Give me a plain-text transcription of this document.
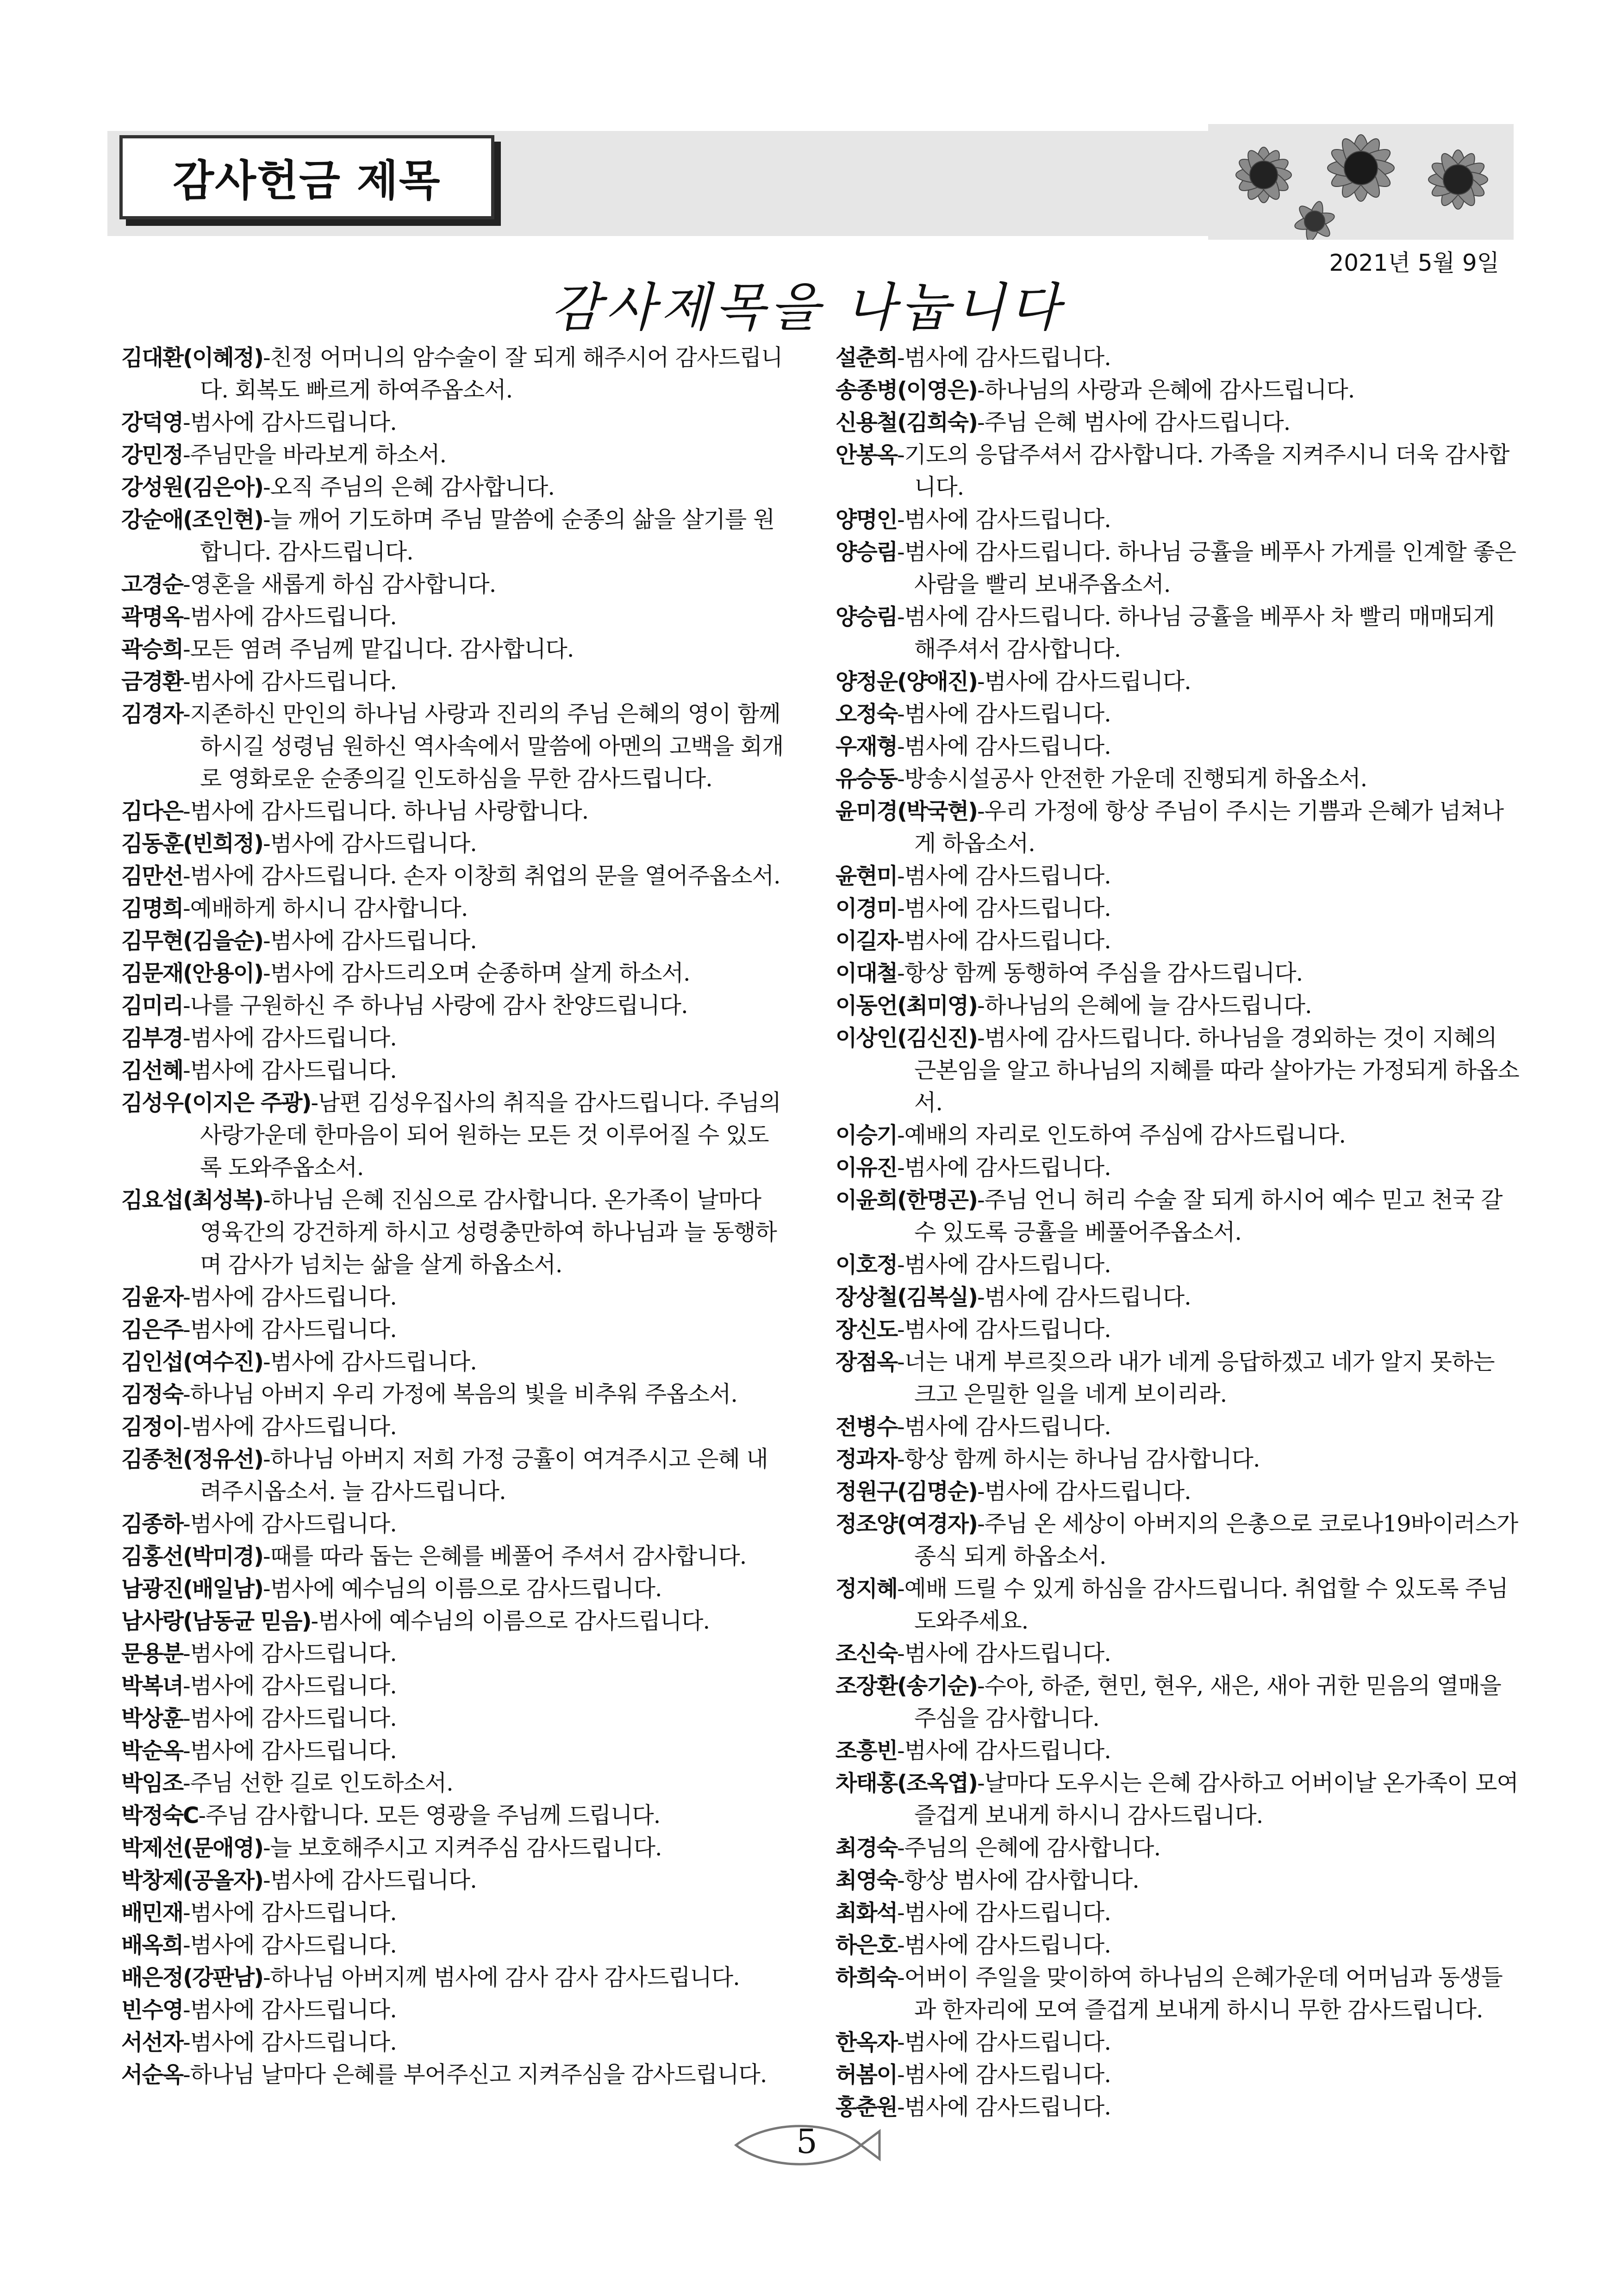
감사헌금 제목
2021년 5월 9일
감사제목을 나눕니다
김대환(이혜정)-친정 어머니의 암수술이 잘 되게 해주시어 감사드립니다. 회복도 빠르게 하여주옵소서.
강덕영-범사에 감사드립니다.
강민정-주님만을 바라보게 하소서.
강성원(김은아)-오직 주님의 은혜 감사합니다.
강순애(조인현)-늘 깨어 기도하며 주님 말씀에 순종의 삶을 살기를 원합니다. 감사드립니다.
고경순-영혼을 새롭게 하심 감사합니다.
곽명옥-범사에 감사드립니다.
곽승희-모든 염려 주님께 맡깁니다. 감사합니다.
금경환-범사에 감사드립니다.
김경자-지존하신 만인의 하나님 사랑과 진리의 주님 은혜의 영이 함께 하시길 성령님 원하신 역사속에서 말씀에 아멘의 고백을 회개로 영화로운 순종의길 인도하심을 무한 감사드립니다.
김다은-범사에 감사드립니다. 하나님 사랑합니다.
김동훈(빈희정)-범사에 감사드립니다.
김만선-범사에 감사드립니다. 손자 이창희 취업의 문을 열어주옵소서.
김명희-예배하게 하시니 감사합니다.
김무현(김을순)-범사에 감사드립니다.
김문재(안용이)-범사에 감사드리오며 순종하며 살게 하소서.
김미리-나를 구원하신 주 하나님 사랑에 감사 찬양드립니다.
김부경-범사에 감사드립니다.
김선혜-범사에 감사드립니다.
김성우(이지은 주광)-남편 김성우집사의 취직을 감사드립니다. 주님의 사랑가운데 한마음이 되어 원하는 모든 것 이루어질 수 있도록 도와주옵소서.
김요섭(최성복)-하나님 은혜 진심으로 감사합니다. 온가족이 날마다 영육간의 강건하게 하시고 성령충만하여 하나님과 늘 동행하며 감사가 넘치는 삶을 살게 하옵소서.
김윤자-범사에 감사드립니다.
김은주-범사에 감사드립니다.
김인섭(여수진)-범사에 감사드립니다.
김정숙-하나님 아버지 우리 가정에 복음의 빛을 비추워 주옵소서.
김정이-범사에 감사드립니다.
김종천(정유선)-하나님 아버지 저희 가정 긍휼이 여겨주시고 은혜 내려주시옵소서. 늘 감사드립니다.
김종하-범사에 감사드립니다.
김홍선(박미경)-때를 따라 돕는 은혜를 베풀어 주셔서 감사합니다.
남광진(배일남)-범사에 예수님의 이름으로 감사드립니다.
남사랑(남동균 믿음)-범사에 예수님의 이름으로 감사드립니다.
문용분-범사에 감사드립니다.
박복녀-범사에 감사드립니다.
박상훈-범사에 감사드립니다.
박순옥-범사에 감사드립니다.
박임조-주님 선한 길로 인도하소서.
박정숙C-주님 감사합니다. 모든 영광을 주님께 드립니다.
박제선(문애영)-늘 보호해주시고 지켜주심 감사드립니다.
박창제(공올자)-범사에 감사드립니다.
배민재-범사에 감사드립니다.
배옥희-범사에 감사드립니다.
배은정(강판남)-하나님 아버지께 범사에 감사 감사 감사드립니다.
빈수영-범사에 감사드립니다.
서선자-범사에 감사드립니다.
서순옥-하나님 날마다 은혜를 부어주신고 지켜주심을 감사드립니다.
설춘희-범사에 감사드립니다.
송종병(이영은)-하나님의 사랑과 은혜에 감사드립니다.
신용철(김희숙)-주님 은혜 범사에 감사드립니다.
안봉옥-기도의 응답주셔서 감사합니다. 가족을 지켜주시니 더욱 감사합니다.
양명인-범사에 감사드립니다.
양승림-범사에 감사드립니다. 하나님 긍휼을 베푸사 가게를 인계할 좋은 사람을 빨리 보내주옵소서.
양승림-범사에 감사드립니다. 하나님 긍휼을 베푸사 차 빨리 매매되게 해주셔서 감사합니다.
양정운(양애진)-범사에 감사드립니다.
오정숙-범사에 감사드립니다.
우재형-범사에 감사드립니다.
유승동-방송시설공사 안전한 가운데 진행되게 하옵소서.
윤미경(박국현)-우리 가정에 항상 주님이 주시는 기쁨과 은혜가 넘쳐나게 하옵소서.
윤현미-범사에 감사드립니다.
이경미-범사에 감사드립니다.
이길자-범사에 감사드립니다.
이대철-항상 함께 동행하여 주심을 감사드립니다.
이동언(최미영)-하나님의 은혜에 늘 감사드립니다.
이상인(김신진)-범사에 감사드립니다. 하나님을 경외하는 것이 지혜의 근본임을 알고 하나님의 지혜를 따라 살아가는 가정되게 하옵소서.
이승기-예배의 자리로 인도하여 주심에 감사드립니다.
이유진-범사에 감사드립니다.
이윤희(한명곤)-주님 언니 허리 수술 잘 되게 하시어 예수 믿고 천국 갈 수 있도록 긍휼을 베풀어주옵소서.
이호정-범사에 감사드립니다.
장상철(김복실)-범사에 감사드립니다.
장신도-범사에 감사드립니다.
장점옥-너는 내게 부르짖으라 내가 네게 응답하겠고 네가 알지 못하는 크고 은밀한 일을 네게 보이리라.
전병수-범사에 감사드립니다.
정과자-항상 함께 하시는 하나님 감사합니다.
정원구(김명순)-범사에 감사드립니다.
정조양(여경자)-주님 온 세상이 아버지의 은총으로 코로나19바이러스가 종식 되게 하옵소서.
정지혜-예배 드릴 수 있게 하심을 감사드립니다. 취업할 수 있도록 주님 도와주세요.
조신숙-범사에 감사드립니다.
조장환(송기순)-수아, 하준, 현민, 현우, 새은, 새아 귀한 믿음의 열매을 주심을 감사합니다.
조흥빈-범사에 감사드립니다.
차태홍(조옥엽)-날마다 도우시는 은혜 감사하고 어버이날 온가족이 모여 즐겁게 보내게 하시니 감사드립니다.
최경숙-주님의 은혜에 감사합니다.
최영숙-항상 범사에 감사합니다.
최화석-범사에 감사드립니다.
하은호-범사에 감사드립니다.
하희숙-어버이 주일을 맞이하여 하나님의 은혜가운데 어머님과 동생들과 한자리에 모여 즐겁게 보내게 하시니 무한 감사드립니다.
한옥자-범사에 감사드립니다.
허봄이-범사에 감사드립니다.
홍춘원-범사에 감사드립니다.
5
